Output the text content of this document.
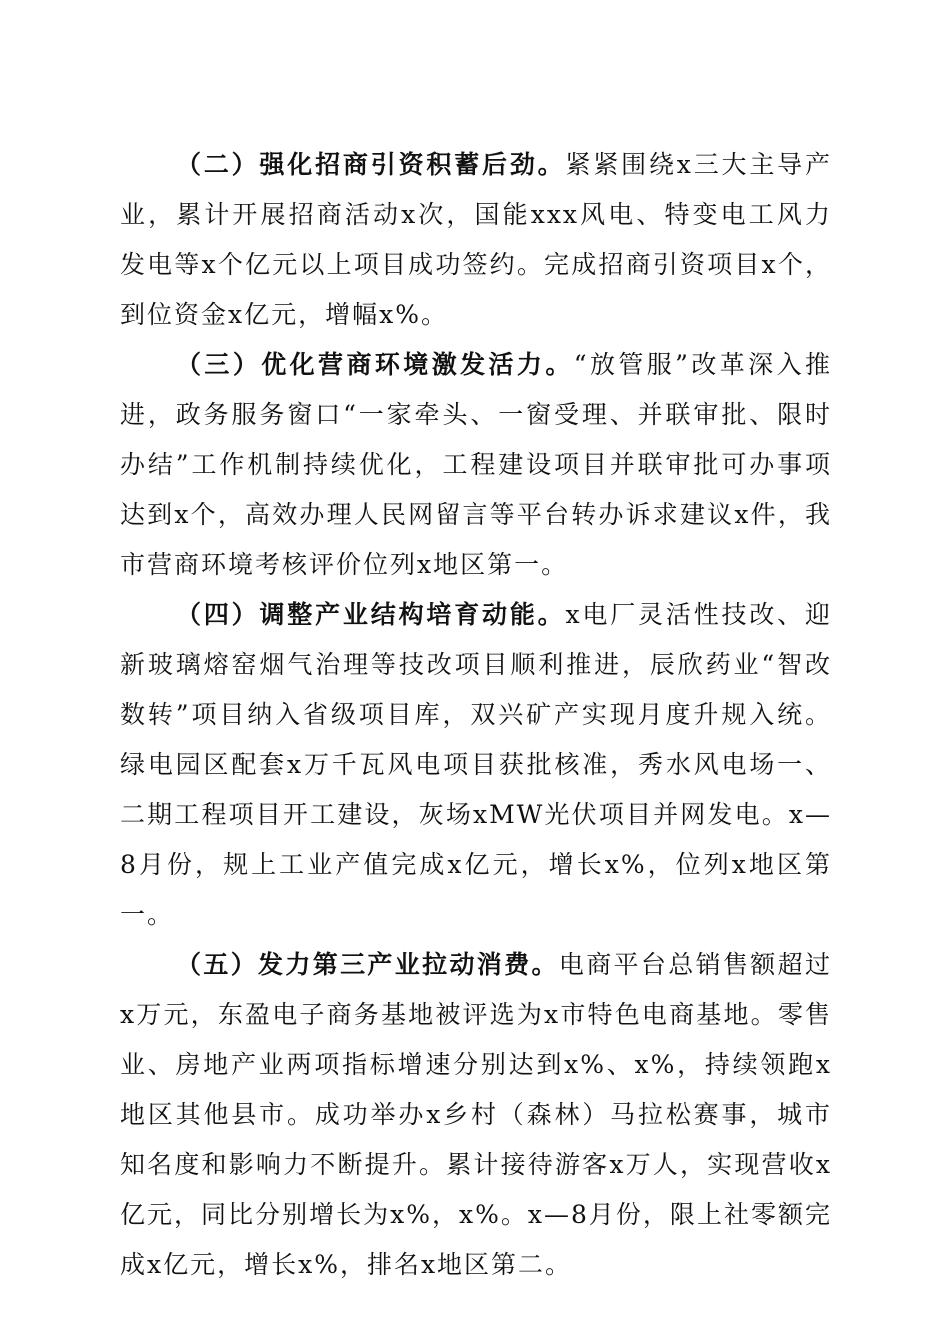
（二）强化招商引资积蓄后劲。紧紧围绕x三大主导产业，累计开展招商活动x次，国能xxx风电、特变电工风力发电等x个亿元以上项目成功签约。完成招商引资项目x个，到位资金x亿元，增幅x%。

（三）优化营商环境激发活力。“放管服”改革深入推进，政务服务窗口“一家牵头、一窗受理、并联审批、限时办结”工作机制持续优化，工程建设项目并联审批可办事项达到x个，高效办理人民网留言等平台转办诉求建议x件，我市营商环境考核评价位列x地区第一。

（四）调整产业结构培育动能。x电厂灵活性技改、迎新玻璃熔窑烟气治理等技改项目顺利推进，辰欣药业“智改数转”项目纳入省级项目库，双兴矿产实现月度升规入统。绿电园区配套x万千瓦风电项目获批核准，秀水风电场一、二期工程项目开工建设，灰场xMW光伏项目并网发电。x—8月份，规上工业产值完成x亿元，增长x%，位列x地区第一。

（五）发力第三产业拉动消费。电商平台总销售额超过x万元，东盈电子商务基地被评选为x市特色电商基地。零售业、房地产业两项指标增速分别达到x%、x%，持续领跑x地区其他县市。成功举办x乡村（森林）马拉松赛事，城市知名度和影响力不断提升。累计接待游客x万人，实现营收x亿元，同比分别增长为x%，x%。x—8月份，限上社零额完成x亿元，增长x%，排名x地区第二。
